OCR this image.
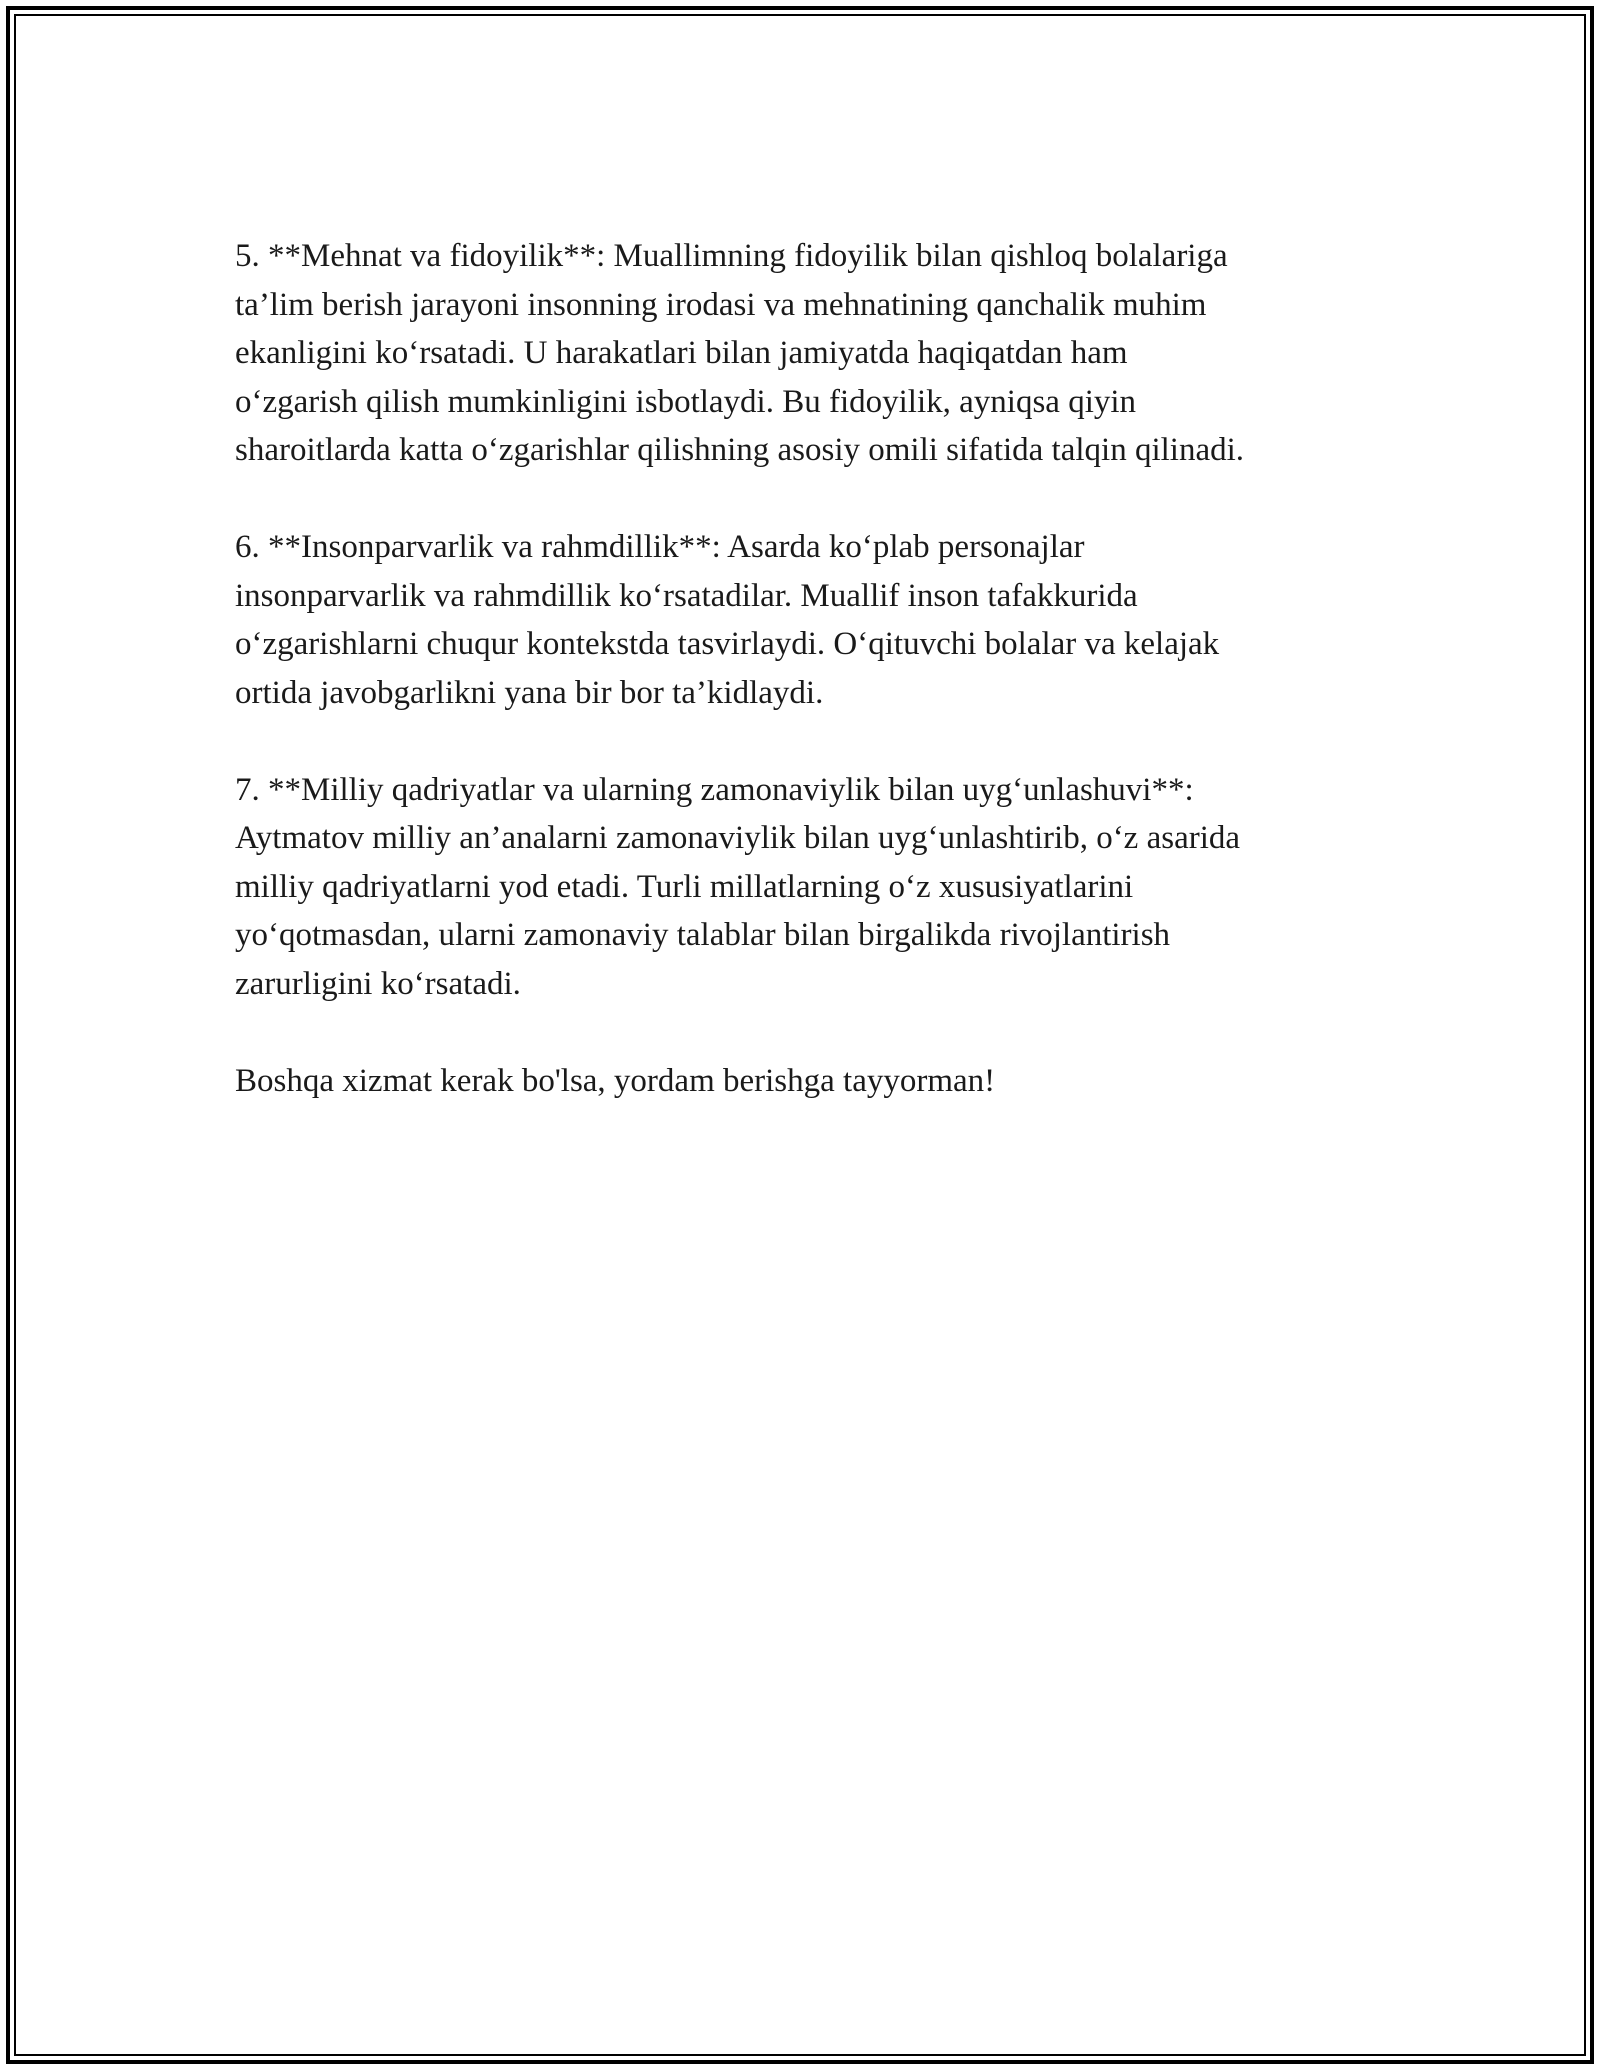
5. **Mehnat va fidoyilik**: Muallimning fidoyilik bilan qishloq bolalariga
ta’lim berish jarayoni insonning irodasi va mehnatining qanchalik muhim
ekanligini ko‘rsatadi. U harakatlari bilan jamiyatda haqiqatdan ham
o‘zgarish qilish mumkinligini isbotlaydi. Bu fidoyilik, ayniqsa qiyin
sharoitlarda katta o‘zgarishlar qilishning asosiy omili sifatida talqin qilinadi.

6. **Insonparvarlik va rahmdillik**: Asarda ko‘plab personajlar
insonparvarlik va rahmdillik ko‘rsatadilar. Muallif inson tafakkurida
o‘zgarishlarni chuqur kontekstda tasvirlaydi. O‘qituvchi bolalar va kelajak
ortida javobgarlikni yana bir bor ta’kidlaydi.

7. **Milliy qadriyatlar va ularning zamonaviylik bilan uyg‘unlashuvi**:
Aytmatov milliy an’analarni zamonaviylik bilan uyg‘unlashtirib, o‘z asarida
milliy qadriyatlarni yod etadi. Turli millatlarning o‘z xususiyatlarini
yo‘qotmasdan, ularni zamonaviy talablar bilan birgalikda rivojlantirish
zarurligini ko‘rsatadi.

Boshqa xizmat kerak bo'lsa, yordam berishga tayyorman!
